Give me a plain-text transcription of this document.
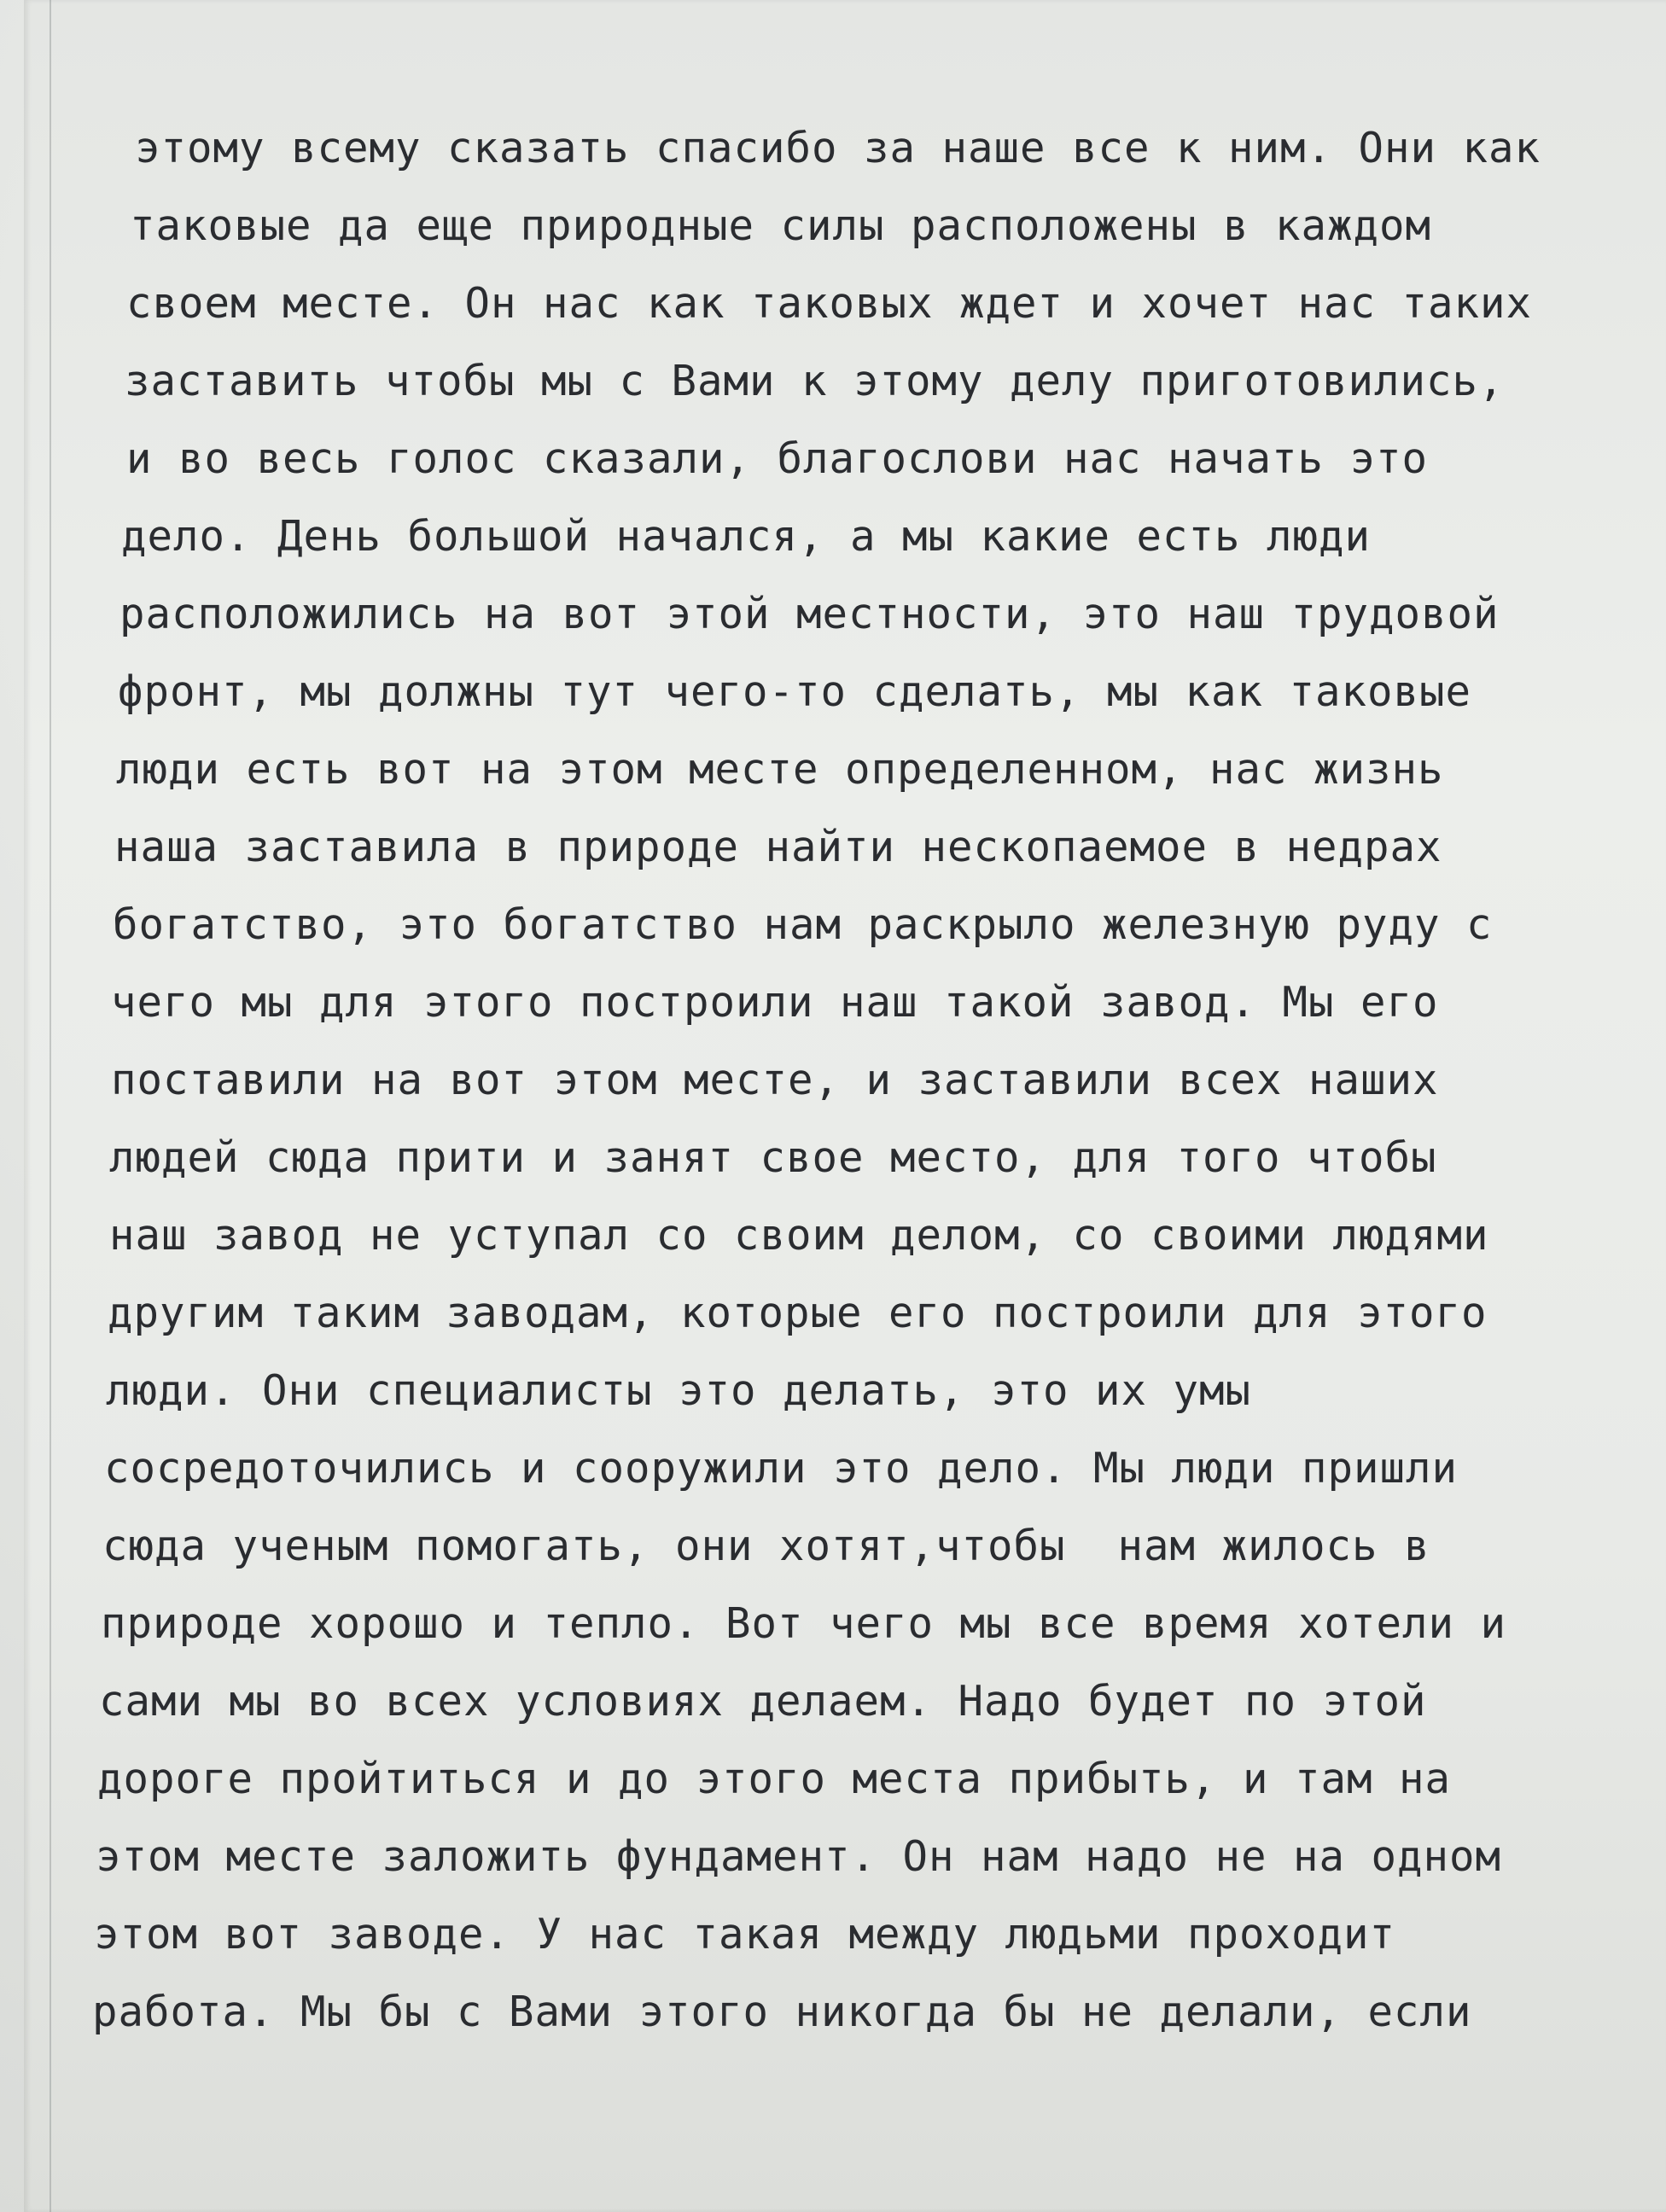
этому всему сказать спасибо за наше все к ним. Они как
таковые да еще природные силы расположены в каждом
своем месте. Он нас как таковых ждет и хочет нас таких
заставить чтобы мы с Вами к этому делу приготовились,
и во весь голос сказали, благослови нас начать это
дело. День большой начался, а мы какие есть люди
расположились на вот этой местности, это наш трудовой
фронт, мы должны тут чего-то сделать, мы как таковые
люди есть вот на этом месте определенном, нас жизнь
наша заставила в природе найти нескопаемое в недрах
богатство, это богатство нам раскрыло железную руду с
чего мы для этого построили наш такой завод. Мы его
поставили на вот этом месте, и заставили всех наших
людей сюда прити и занят свое место, для того чтобы
наш завод не уступал со своим делом, со своими людями
другим таким заводам, которые его построили для этого
люди. Они специалисты это делать, это их умы
сосредоточились и сооружили это дело. Мы люди пришли
сюда ученым помогать, они хотят,чтобы  нам жилось в
природе хорошо и тепло. Вот чего мы все время хотели и
сами мы во всех условиях делаем. Надо будет по этой
дороге пройтиться и до этого места прибыть, и там на
этом месте заложить фундамент. Он нам надо не на одном
этом вот заводе. У нас такая между людьми проходит
работа. Мы бы с Вами этого никогда бы не делали, если
